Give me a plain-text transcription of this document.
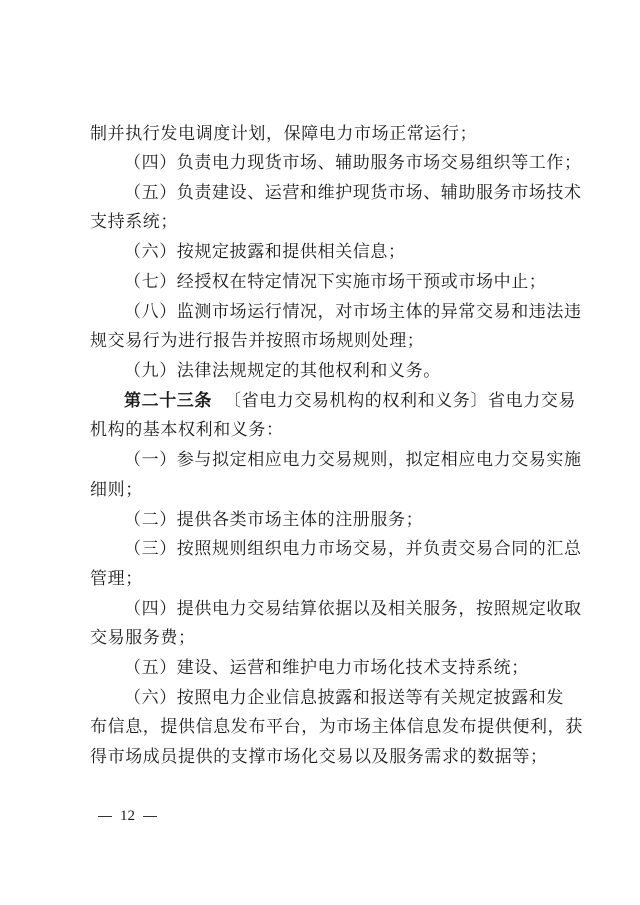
制并执行发电调度计划，保障电力市场正常运行；
（四）负责电力现货市场、辅助服务市场交易组织等工作；
（五）负责建设、运营和维护现货市场、辅助服务市场技术
支持系统；
（六）按规定披露和提供相关信息；
（七）经授权在特定情况下实施市场干预或市场中止；
（八）监测市场运行情况，对市场主体的异常交易和违法违
规交易行为进行报告并按照市场规则处理；
（九）法律法规规定的其他权利和义务。
第二十三条 〔省电力交易机构的权利和义务〕省电力交易
机构的基本权利和义务：
（一）参与拟定相应电力交易规则，拟定相应电力交易实施
细则；
（二）提供各类市场主体的注册服务；
（三）按照规则组织电力市场交易，并负责交易合同的汇总
管理；
（四）提供电力交易结算依据以及相关服务，按照规定收取
交易服务费；
（五）建设、运营和维护电力市场化技术支持系统；
（六）按照电力企业信息披露和报送等有关规定披露和发
布信息，提供信息发布平台，为市场主体信息发布提供便利，获
得市场成员提供的支撑市场化交易以及服务需求的数据等；
12
